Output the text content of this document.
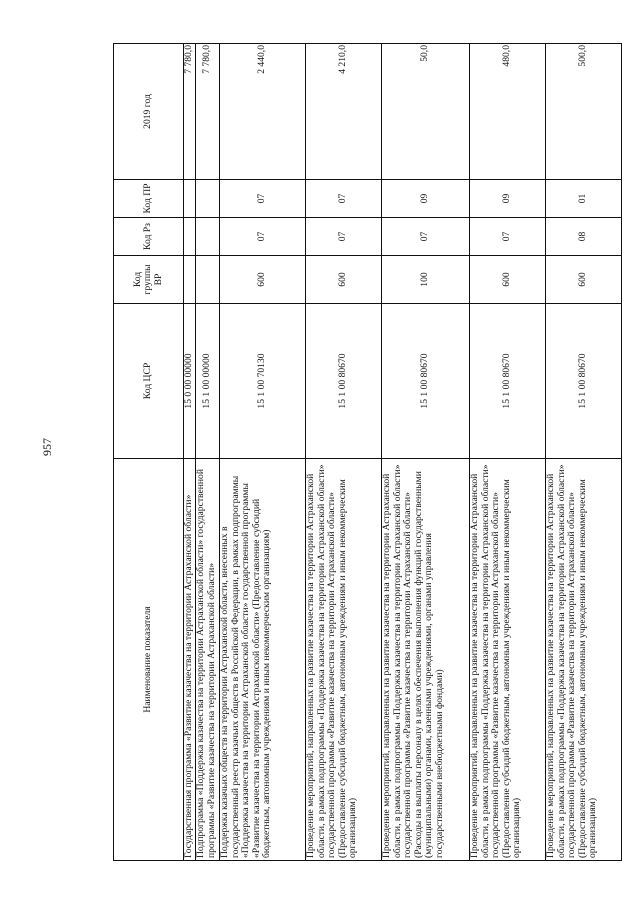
957
Наименование показателя	Код ЦСР	Код группы ВР	Код Рз	Код ПР	2019 год
Государственная программа «Развитие казачества на территории Астраханской области»	15 0 00 00000				7 780,0
Подпрограмма «Поддержка казачества на территории Астраханской области» государственной программы «Развитие казачества на территории Астраханской области»	15 1 00 00000				7 780,0
Поддержка казачьих обществ на территории Астраханской области, внесенных в государственный реестр казачьих обществ в Российской Федерации, в рамках подпрограммы «Поддержка казачества на территории Астраханской области» государственной программы «Развитие казачества на территории Астраханской области» (Предоставление субсидий бюджетным, автономным учреждениям и иным некоммерческим организациям)	15 1 00 70130	600	07	07	2 440,0
Проведение мероприятий, направленных на развитие казачества на территории Астраханской области, в рамках подпрограммы «Поддержка казачества на территории Астраханской области» государственной программы «Развитие казачества на территории Астраханской области» (Предоставление субсидий бюджетным, автономным учреждениям и иным некоммерческим организациям)	15 1 00 80670	600	07	07	4 210,0
Проведение мероприятий, направленных на развитие казачества на территории Астраханской области, в рамках подпрограммы «Поддержка казачества на территории Астраханской области» государственной программы «Развитие казачества на территории Астраханской области» (Расходы на выплаты персоналу в целях обеспечения выполнения функций государственными (муниципальными) органами, казенными учреждениями, органами управления государственными внебюджетными фондами)	15 1 00 80670	100	07	09	50,0
Проведение мероприятий, направленных на развитие казачества на территории Астраханской области, в рамках подпрограммы «Поддержка казачества на территории Астраханской области» государственной программы «Развитие казачества на территории Астраханской области» (Предоставление субсидий бюджетным, автономным учреждениям и иным некоммерческим организациям)	15 1 00 80670	600	07	09	480,0
Проведение мероприятий, направленных на развитие казачества на территории Астраханской области, в рамках подпрограммы «Поддержка казачества на территории Астраханской области» государственной программы «Развитие казачества на территории Астраханской области» (Предоставление субсидий бюджетным, автономным учреждениям и иным некоммерческим организациям)	15 1 00 80670	600	08	01	500,0
